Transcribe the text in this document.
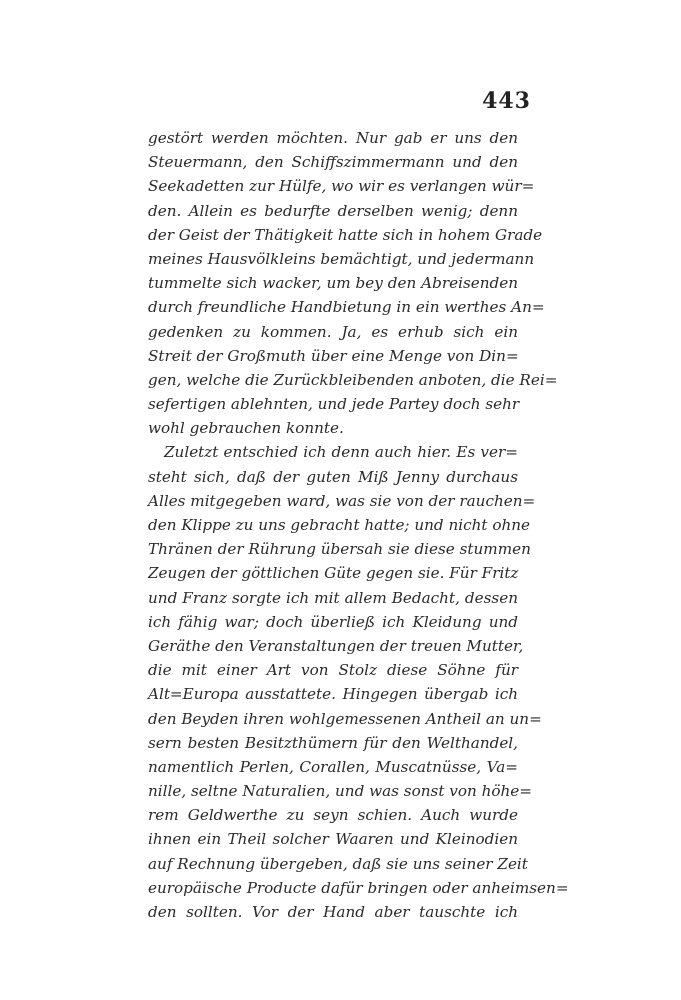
443
gestört werden möchten. Nur gab er uns den
Steuermann, den Schiffszimmermann und den
Seekadetten zur Hülfe, wo wir es verlangen wür=
den. Allein es bedurfte derselben wenig; denn
der Geist der Thätigkeit hatte sich in hohem Grade
meines Hausvölkleins bemächtigt, und jedermann
tummelte sich wacker, um bey den Abreisenden
durch freundliche Handbietung in ein werthes An=
gedenken zu kommen. Ja, es erhub sich ein
Streit der Großmuth über eine Menge von Din=
gen, welche die Zurückbleibenden anboten, die Rei=
sefertigen ablehnten, und jede Partey doch sehr
wohl gebrauchen konnte.
Zuletzt entschied ich denn auch hier. Es ver=
steht sich, daß der guten Miß Jenny durchaus
Alles mitgegeben ward, was sie von der rauchen=
den Klippe zu uns gebracht hatte; und nicht ohne
Thränen der Rührung übersah sie diese stummen
Zeugen der göttlichen Güte gegen sie. Für Fritz
und Franz sorgte ich mit allem Bedacht, dessen
ich fähig war; doch überließ ich Kleidung und
Geräthe den Veranstaltungen der treuen Mutter,
die mit einer Art von Stolz diese Söhne für
Alt=Europa ausstattete. Hingegen übergab ich
den Beyden ihren wohlgemessenen Antheil an un=
sern besten Besitzthümern für den Welthandel,
namentlich Perlen, Corallen, Muscatnüsse, Va=
nille, seltne Naturalien, und was sonst von höhe=
rem Geldwerthe zu seyn schien. Auch wurde
ihnen ein Theil solcher Waaren und Kleinodien
auf Rechnung übergeben, daß sie uns seiner Zeit
europäische Producte dafür bringen oder anheimsen=
den sollten. Vor der Hand aber tauschte ich
